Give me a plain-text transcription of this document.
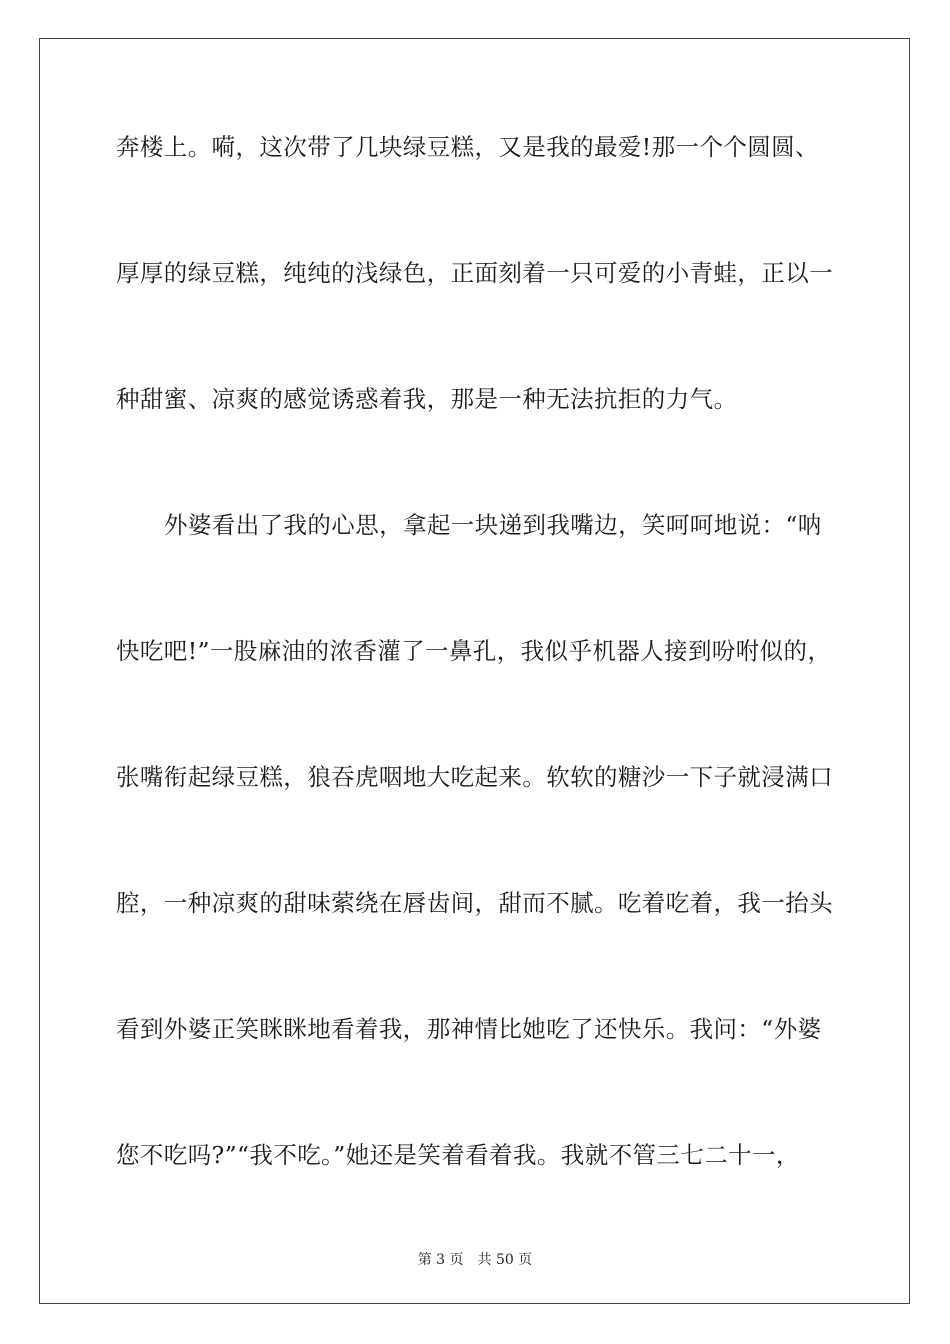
奔楼上。嗬，这次带了几块绿豆糕，又是我的最爱!那一个个圆圆、
厚厚的绿豆糕，纯纯的浅绿色，正面刻着一只可爱的小青蛙，正以一
种甜蜜、凉爽的感觉诱惑着我，那是一种无法抗拒的力气。
外婆看出了我的心思，拿起一块递到我嘴边，笑呵呵地说：“呐
快吃吧!”一股麻油的浓香灌了一鼻孔，我似乎机器人接到吩咐似的，
张嘴衔起绿豆糕，狼吞虎咽地大吃起来。软软的糖沙一下子就浸满口
腔，一种凉爽的甜味萦绕在唇齿间，甜而不腻。吃着吃着，我一抬头
看到外婆正笑眯眯地看着我，那神情比她吃了还快乐。我问：“外婆
您不吃吗?”“我不吃。”她还是笑着看着我。我就不管三七二十一，
第 3 页 共 50 页
